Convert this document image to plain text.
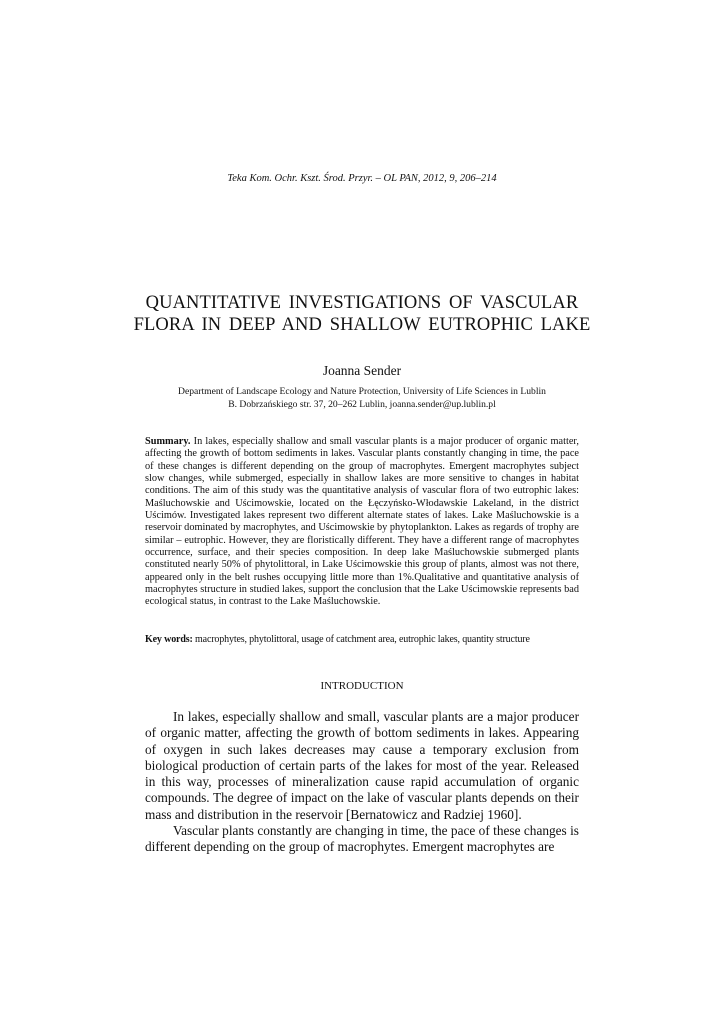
Teka Kom. Ochr. Kszt. Środ. Przyr. – OL PAN, 2012, 9, 206–214
QUANTITATIVE INVESTIGATIONS OF VASCULAR
FLORA IN DEEP AND SHALLOW EUTROPHIC LAKE
Joanna Sender
Department of Landscape Ecology and Nature Protection, University of Life Sciences in Lublin
B. Dobrzańskiego str. 37, 20–262 Lublin, joanna.sender@up.lublin.pl

Summary. In lakes, especially shallow and small vascular plants is a major producer of organic matter, affecting the growth of bottom sediments in lakes. Vascular plants constantly changing in time, the pace of these changes is different depending on the group of macrophytes. Emergent macrophytes subject slow changes, while submerged, especially in shallow lakes are more sensitive to changes in habitat conditions. The aim of this study was the quantitative analysis of vascular flora of two eutrophic lakes: Maśluchowskie and Uścimowskie, located on the Łęczyńsko-Włodawskie Lakeland, in the district Uścimów. Investigated lakes represent two different alternate states of lakes. Lake Maśluchowskie is a reservoir dominated by macrophytes, and Uścimowskie by phytoplankton. Lakes as regards of trophy are similar – eutrophic. However, they are floristically different. They have a different range of macrophytes occurrence, surface, and their species composition. In deep lake Maśluchowskie submerged plants constituted nearly 50% of phytolittoral, in Lake Uścimowskie this group of plants, almost was not there, appeared only in the belt rushes occupying little more than 1%.Qualitative and quantitative analysis of macrophytes structure in studied lakes, support the conclusion that the Lake Uścimowskie represents bad ecological status, in contrast to the Lake Maśluchowskie.

Key words: macrophytes, phytolittoral, usage of catchment area, eutrophic lakes, quantity structure

INTRODUCTION

In lakes, especially shallow and small, vascular plants are a major producer of organic matter, affecting the growth of bottom sediments in lakes. Appearing of oxygen in such lakes decreases may cause a temporary exclusion from biological production of certain parts of the lakes for most of the year. Released in this way, processes of mineralization cause rapid accumulation of organic compounds. The degree of impact on the lake of vascular plants depends on their mass and distribution in the reservoir [Bernatowicz and Radziej 1960].

Vascular plants constantly are changing in time, the pace of these changes is different depending on the group of macrophytes. Emergent macrophytes are
